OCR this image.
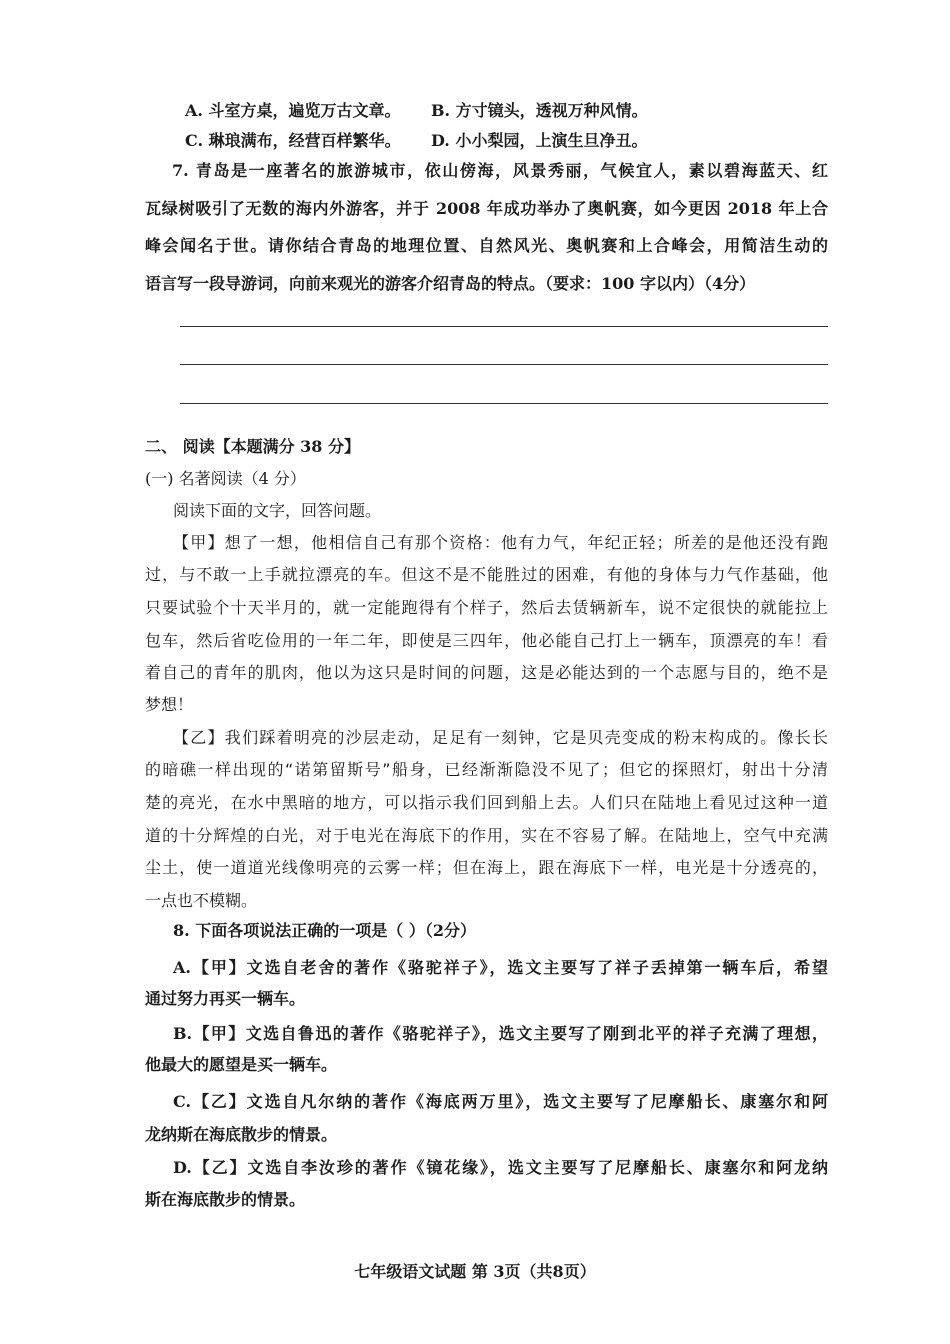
A. 斗室方桌，遍览万古文章。 B. 方寸镜头，透视万种风情。
C. 琳琅满布，经营百样繁华。 D. 小小梨园，上演生旦净丑。
7. 青岛是一座著名的旅游城市，依山傍海，风景秀丽，气候宜人，素以碧海蓝天、红
瓦绿树吸引了无数的海内外游客，并于 2008 年成功举办了奥帆赛，如今更因 2018 年上合
峰会闻名于世。请你结合青岛的地理位置、自然风光、奥帆赛和上合峰会，用简洁生动的
语言写一段导游词，向前来观光的游客介绍青岛的特点。（要求：100 字以内）（4分）
二、 阅读【本题满分 38 分】
(一) 名著阅读（4 分）
阅读下面的文字，回答问题。
【甲】想了一想，他相信自己有那个资格：他有力气，年纪正轻；所差的是他还没有跑
过，与不敢一上手就拉漂亮的车。但这不是不能胜过的困难，有他的身体与力气作基础，他
只要试验个十天半月的，就一定能跑得有个样子，然后去赁辆新车，说不定很快的就能拉上
包车，然后省吃俭用的一年二年，即使是三四年，他必能自己打上一辆车，顶漂亮的车！看
着自己的青年的肌肉，他以为这只是时间的问题，这是必能达到的一个志愿与目的，绝不是
梦想！
【乙】我们踩着明亮的沙层走动，足足有一刻钟，它是贝壳变成的粉末构成的。像长长
的暗礁一样出现的“诺第留斯号”船身，已经渐渐隐没不见了；但它的探照灯，射出十分清
楚的亮光，在水中黑暗的地方，可以指示我们回到船上去。人们只在陆地上看见过这种一道
道的十分辉煌的白光，对于电光在海底下的作用，实在不容易了解。在陆地上，空气中充满
尘土，使一道道光线像明亮的云雾一样；但在海上，跟在海底下一样，电光是十分透亮的，
一点也不模糊。
8. 下面各项说法正确的一项是（ ）（2分）
A.【甲】文选自老舍的著作《骆驼祥子》，选文主要写了祥子丢掉第一辆车后，希望
通过努力再买一辆车。
B.【甲】文选自鲁迅的著作《骆驼祥子》，选文主要写了刚到北平的祥子充满了理想，
他最大的愿望是买一辆车。
C.【乙】文选自凡尔纳的著作《海底两万里》，选文主要写了尼摩船长、康塞尔和阿
龙纳斯在海底散步的情景。
D.【乙】文选自李汝珍的著作《镜花缘》，选文主要写了尼摩船长、康塞尔和阿龙纳
斯在海底散步的情景。
七年级语文试题 第 3页（共8页）
